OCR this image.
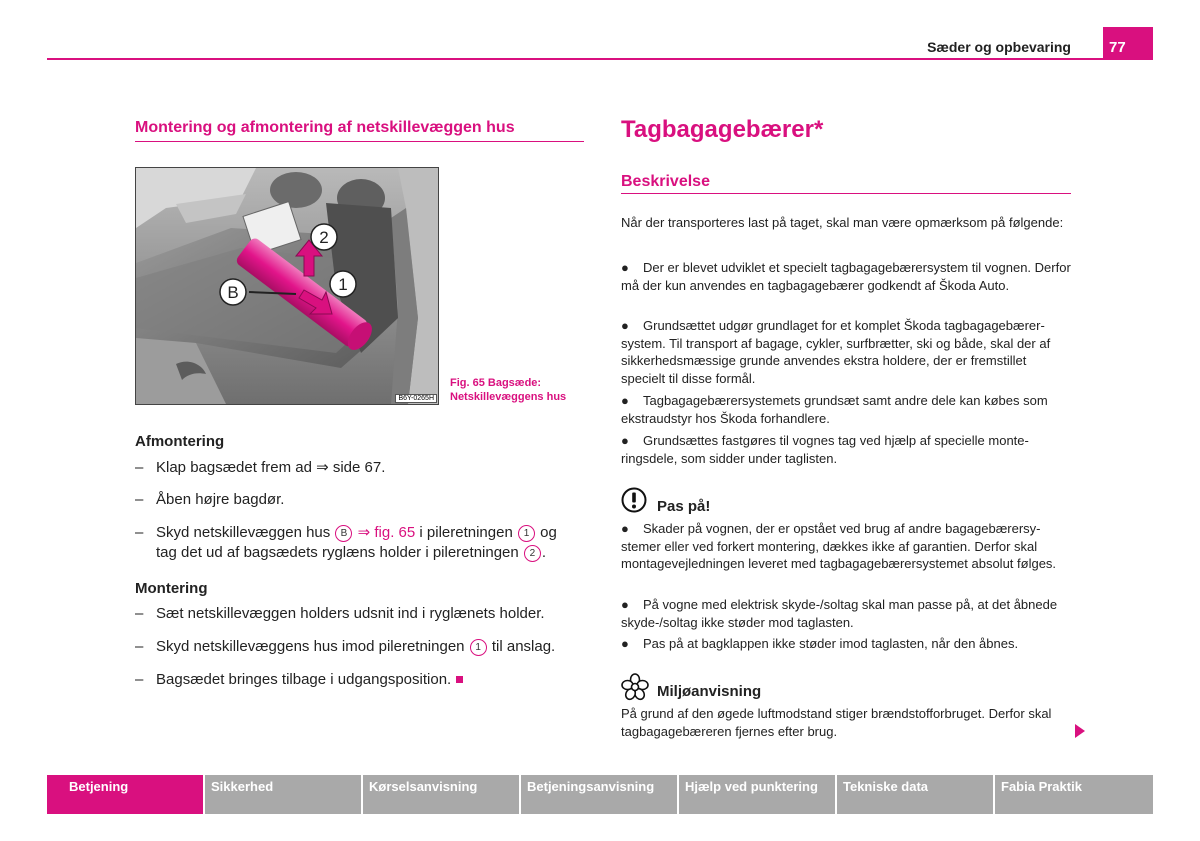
Sæder og opbevaring	77
Montering og afmontering af netskillevæggen hus
2
1
B
B6Y-0265H
Fig. 65 Bagsæde:
Netskillevæggens hus
Afmontering
– Klap bagsædet frem ad ⇒ side 67.
– Åben højre bagdør.
– Skyd netskillevæggen hus B ⇒ fig. 65 i pileretningen 1 og
tag det ud af bagsædets ryglæns holder i pileretningen 2 .
Montering
– Sæt netskillevæggen holders udsnit ind i ryglænets holder.
– Skyd netskillevæggens hus imod pileretningen 1 til anslag.
– Bagsædet bringes tilbage i udgangsposition.
Tagbagagebærer*
Beskrivelse
Når der transporteres last på taget, skal man være opmærksom på følgende:
● Der er blevet udviklet et specielt tagbagagebærersystem til vognen. Derfor må der kun anvendes en tagbagagebærer godkendt af Škoda Auto.
● Grundsættet udgør grundlaget for et komplet Škoda tagbagagebærer-system. Til transport af bagage, cykler, surfbrætter, ski og både, skal der af sikkerhedsmæssige grunde anvendes ekstra holdere, der er fremstillet specielt til disse formål.
● Tagbagagebærersystemets grundsæt samt andre dele kan købes som ekstraudstyr hos Škoda forhandlere.
● Grundsættes fastgøres til vognes tag ved hjælp af specielle monte-ringsdele, som sidder under taglisten.
Pas på!
● Skader på vognen, der er opstået ved brug af andre bagagebærersy-stemer eller ved forkert montering, dækkes ikke af garantien. Derfor skal montagevejledningen leveret med tagbagagebærersystemet absolut følges.
● På vogne med elektrisk skyde-/soltag skal man passe på, at det åbnede skyde-/soltag ikke støder mod taglasten.
● Pas på at bagklappen ikke støder imod taglasten, når den åbnes.
Miljøanvisning
På grund af den øgede luftmodstand stiger brændstofforbruget. Derfor skal tagbagagebæreren fjernes efter brug.
Betjening	Sikkerhed	Kørselsanvisning	Betjeningsanvisning	Hjælp ved punktering	Tekniske data	Fabia Praktik
